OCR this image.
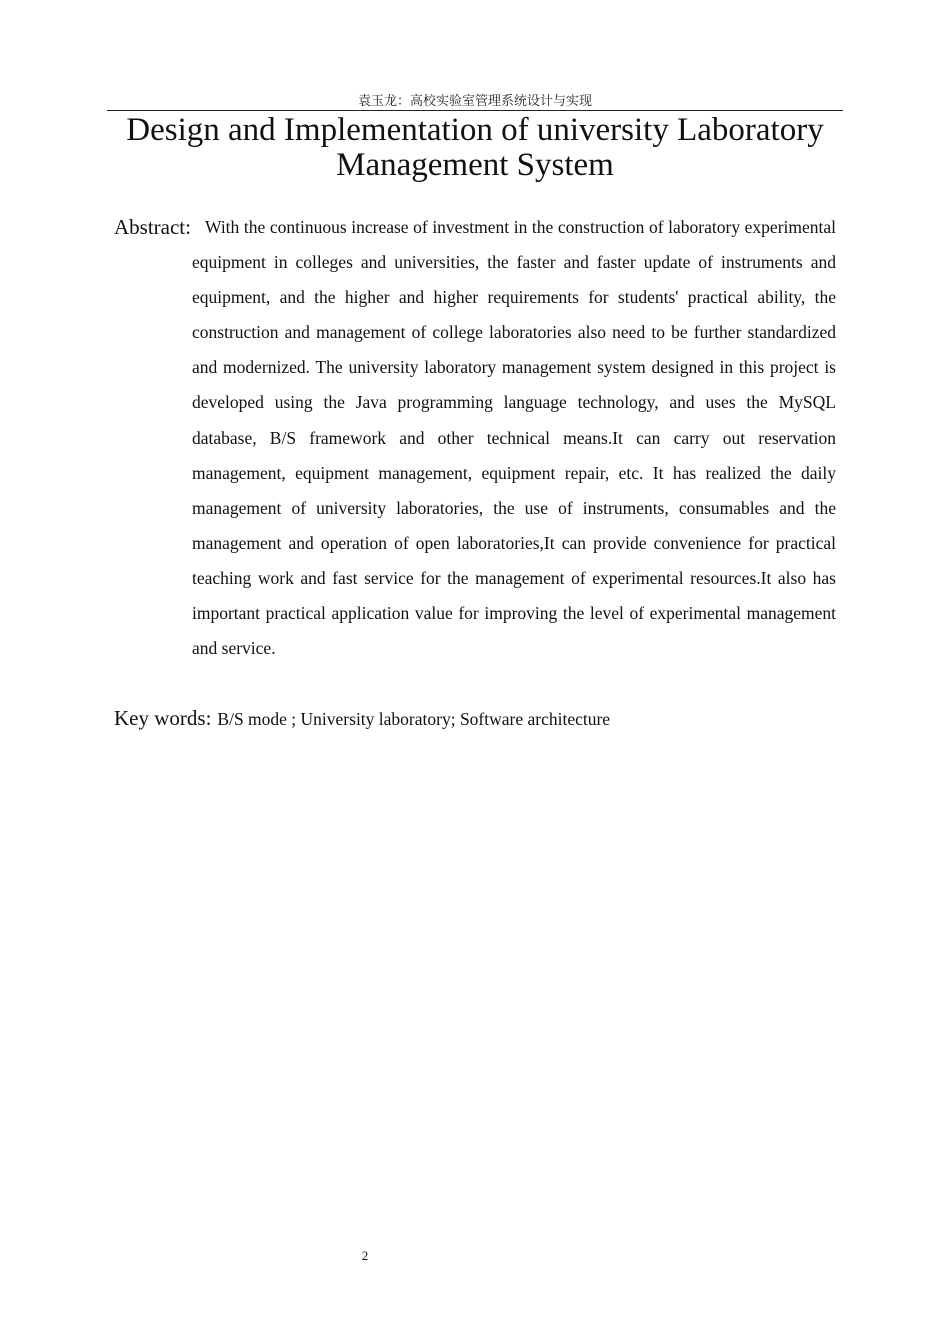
袁玉龙：高校实验室管理系统设计与实现
Design and Implementation of university Laboratory Management System
Abstract: With the continuous increase of investment in the construction of laboratory experimental equipment in colleges and universities, the faster and faster update of instruments and equipment, and the higher and higher requirements for students' practical ability, the construction and management of college laboratories also need to be further standardized and modernized. The university laboratory management system designed in this project is developed using the Java programming language technology, and uses the MySQL database, B/S framework and other technical means.It can carry out reservation management, equipment management, equipment repair, etc. It has realized the daily management of university laboratories, the use of instruments, consumables and the management and operation of open laboratories,It can provide convenience for practical teaching work and fast service for the management of experimental resources.It also has important practical application value for improving the level of experimental management and service.

Key words: B/S mode ; University laboratory; Software architecture
2
